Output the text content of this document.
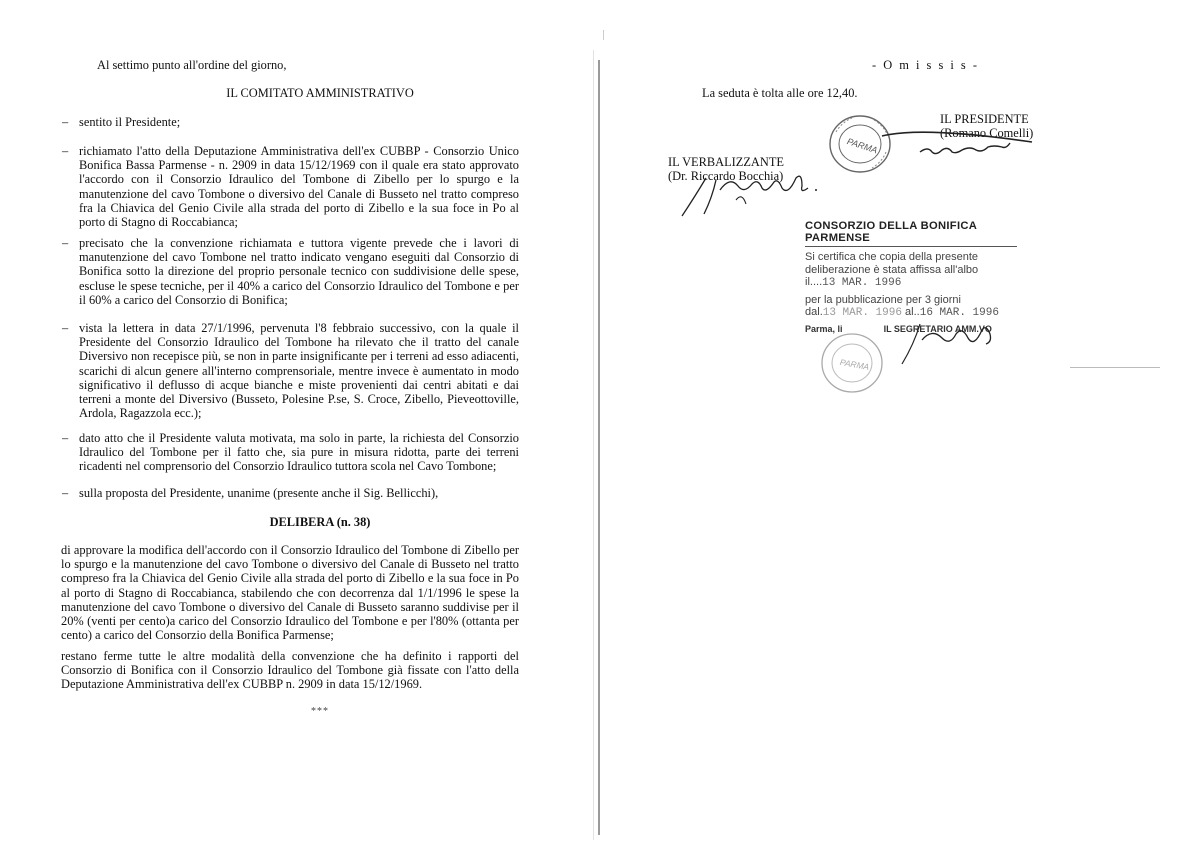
Al settimo punto all'ordine del giorno,

IL COMITATO AMMINISTRATIVO

– sentito il Presidente;

– richiamato l'atto della Deputazione Amministrativa dell'ex CUBBP - Consorzio Unico Bonifica Bassa Parmense - n. 2909 in data 15/12/1969 con il quale era stato approvato l'accordo con il Consorzio Idraulico del Tombone di Zibello per lo spurgo e la manutenzione del cavo Tombone o diversivo del Canale di Busseto nel tratto compreso fra la Chiavica del Genio Civile alla strada del porto di Zibello e la sua foce in Po al porto di Stagno di Roccabianca;

– precisato che la convenzione richiamata e tuttora vigente prevede che i lavori di manutenzione del cavo Tombone nel tratto indicato vengano eseguiti dal Consorzio di Bonifica sotto la direzione del proprio personale tecnico con suddivisione delle spese, escluse le spese tecniche, per il 40% a carico del Consorzio Idraulico del Tombone e per il 60% a carico del Consorzio di Bonifica;

– vista la lettera in data 27/1/1996, pervenuta l'8 febbraio successivo, con la quale il Presidente del Consorzio Idraulico del Tombone ha rilevato che il tratto del canale Diversivo non recepisce più, se non in parte insignificante per i terreni ad esso adiacenti, scarichi di alcun genere all'interno comprensoriale, mentre invece è aumentato in modo significativo il deflusso di acque bianche e miste provenienti dai centri abitati e dai terreni a monte del Diversivo (Busseto, Polesine P.se, S. Croce, Zibello, Pieveottoville, Ardola, Ragazzola ecc.);

– dato atto che il Presidente valuta motivata, ma solo in parte, la richiesta del Consorzio Idraulico del Tombone per il fatto che, sia pure in misura ridotta, parte dei terreni ricadenti nel comprensorio del Consorzio Idraulico tuttora scola nel Cavo Tombone;

– sulla proposta del Presidente, unanime (presente anche il Sig. Bellicchi),

DELIBERA (n. 38)

di approvare la modifica dell'accordo con il Consorzio Idraulico del Tombone di Zibello per lo spurgo e la manutenzione del cavo Tombone o diversivo del Canale di Busseto nel tratto compreso fra la Chiavica del Genio Civile alla strada del porto di Zibello e la sua foce in Po al porto di Stagno di Roccabianca, stabilendo che con decorrenza dal 1/1/1996 le spese la manutenzione del cavo Tombone o diversivo del Canale di Busseto saranno suddivise per il 20% (venti per cento)a carico del Consorzio Idraulico del Tombone e per l'80% (ottanta per cento) a carico del Consorzio della Bonifica Parmense;

restano ferme tutte le altre modalità della convenzione che ha definito i rapporti del Consorzio di Bonifica con il Consorzio Idraulico del Tombone già fissate con l'atto della Deputazione Amministrativa dell'ex CUBBP n. 2909 in data 15/12/1969.

***

- O m i s s i s -

La seduta è tolta alle ore 12,40.

IL PRESIDENTE

(Romano Comelli)

PARMA

IL VERBALIZZANTE

(Dr. Riccardo Bocchia)

CONSORZIO DELLA BONIFICA PARMENSE
Si certifica che copia della presente
deliberazione è stata affissa all'albo
il....13 MAR. 1996
per la pubblicazione per 3 giorni
dal.13 MAR. 1996 al..16 MAR. 1996
Parma, li	IL SEGRETARIO AMM.VO
PARMA
